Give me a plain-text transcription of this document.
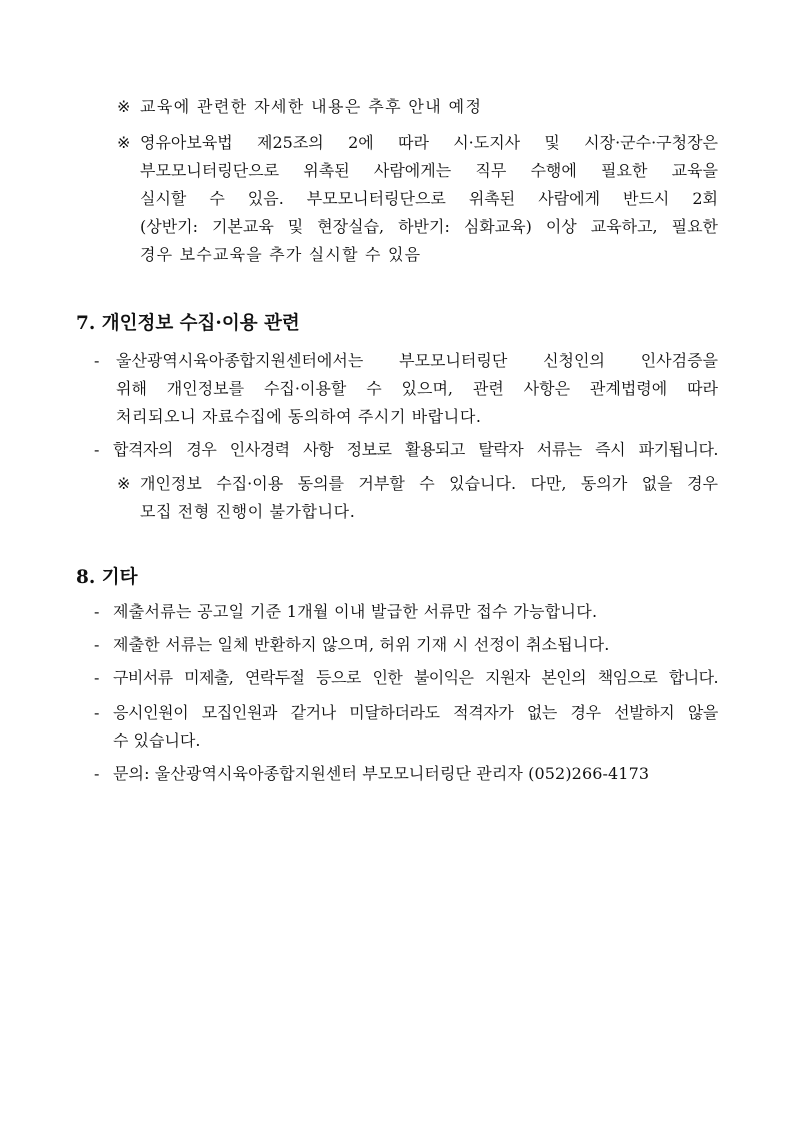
※ 교육에 관련한 자세한 내용은 추후 안내 예정
※ 영유아보육법 제25조의 2에 따라 시·도지사 및 시장·군수·구청장은
부모모니터링단으로 위촉된 사람에게는 직무 수행에 필요한 교육을
실시할 수 있음. 부모모니터링단으로 위촉된 사람에게 반드시 2회
(상반기: 기본교육 및 현장실습, 하반기: 심화교육) 이상 교육하고, 필요한
경우 보수교육을 추가 실시할 수 있음
7. 개인정보 수집·이용 관련
- 울산광역시육아종합지원센터에서는 부모모니터링단 신청인의 인사검증을
위해 개인정보를 수집·이용할 수 있으며, 관련 사항은 관계법령에 따라
처리되오니 자료수집에 동의하여 주시기 바랍니다.
- 합격자의 경우 인사경력 사항 정보로 활용되고 탈락자 서류는 즉시 파기됩니다.
※ 개인정보 수집·이용 동의를 거부할 수 있습니다. 다만, 동의가 없을 경우
모집 전형 진행이 불가합니다.
8. 기타
- 제출서류는 공고일 기준 1개월 이내 발급한 서류만 접수 가능합니다.
- 제출한 서류는 일체 반환하지 않으며, 허위 기재 시 선정이 취소됩니다.
- 구비서류 미제출, 연락두절 등으로 인한 불이익은 지원자 본인의 책임으로 합니다.
- 응시인원이 모집인원과 같거나 미달하더라도 적격자가 없는 경우 선발하지 않을
수 있습니다.
- 문의: 울산광역시육아종합지원센터 부모모니터링단 관리자 (052)266-4173
